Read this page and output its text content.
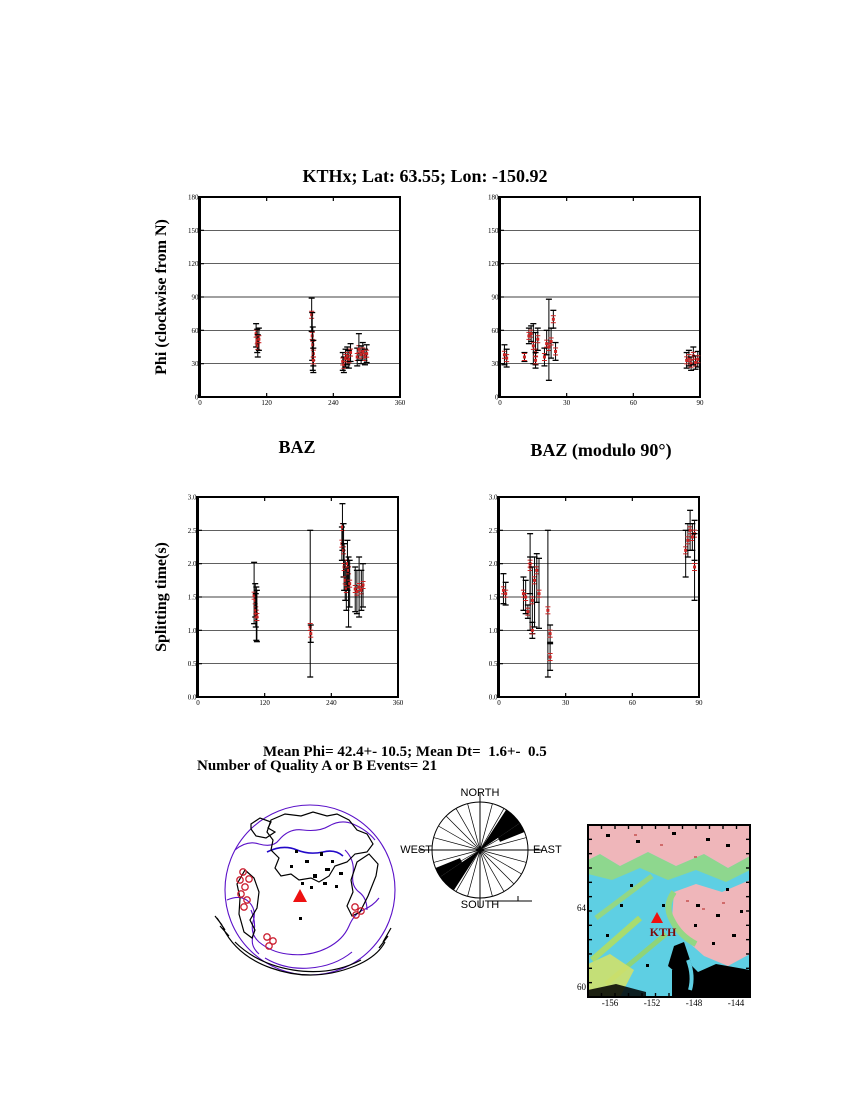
KTHx; Lat: 63.55; Lon: -150.92
Phi (clockwise from N)
Splitting time(s)
0
30
60
90
120
150
180
0	120	240	360
0
30
60
90
120
150
180
0	30	60	90
0.0
0.5
1.0
1.5
2.0
2.5
3.0
0	120	240	360
0.0
0.5
1.0
1.5
2.0
2.5
3.0
0	30	60	90
BAZ	BAZ (modulo 90°)
Mean Phi= 42.4+- 10.5; Mean Dt=  1.6+-  0.5
Number of Quality A or B Events= 21
NORTH
SOUTH
WEST	EAST
KTH
64
60
-156	-152	-148	-144
